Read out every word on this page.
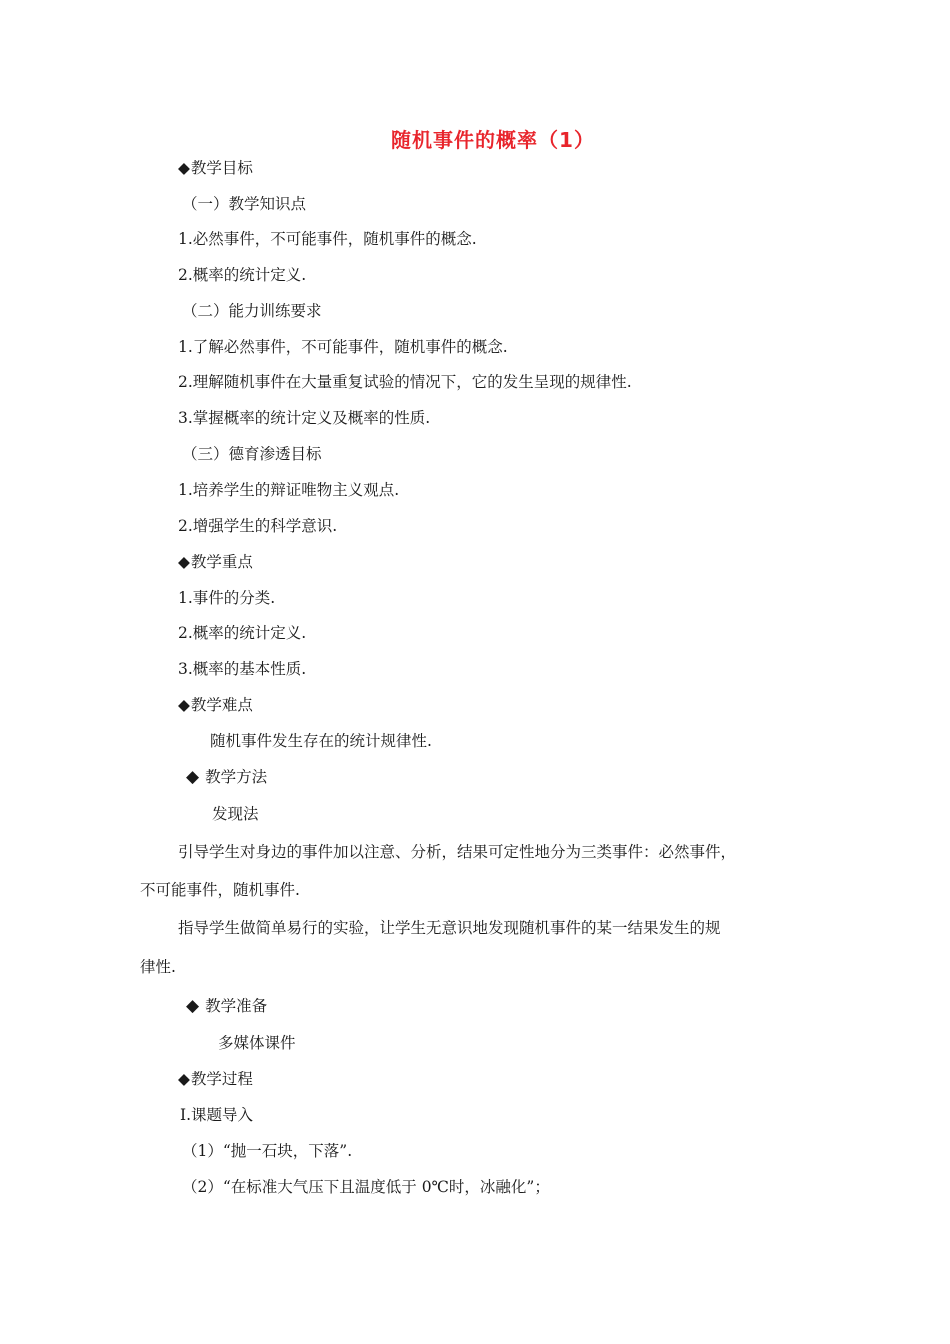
随机事件的概率（1）
◆教学目标
（一）教学知识点
1.必然事件，不可能事件，随机事件的概念.
2.概率的统计定义.
（二）能力训练要求
1.了解必然事件，不可能事件，随机事件的概念.
2.理解随机事件在大量重复试验的情况下，它的发生呈现的规律性.
3.掌握概率的统计定义及概率的性质.
（三）德育渗透目标
1.培养学生的辩证唯物主义观点.
2.增强学生的科学意识.
◆教学重点
1.事件的分类.
2.概率的统计定义.
3.概率的基本性质.
◆教学难点
随机事件发生存在的统计规律性.
◆ 教学方法
发现法
引导学生对身边的事件加以注意、分析，结果可定性地分为三类事件：必然事件，
不可能事件，随机事件.
指导学生做简单易行的实验，让学生无意识地发现随机事件的某一结果发生的规
律性.
◆ 教学准备
多媒体课件
◆教学过程
Ⅰ.课题导入
（1）“抛一石块，下落”.
（2）“在标准大气压下且温度低于 0℃时，冰融化”；
